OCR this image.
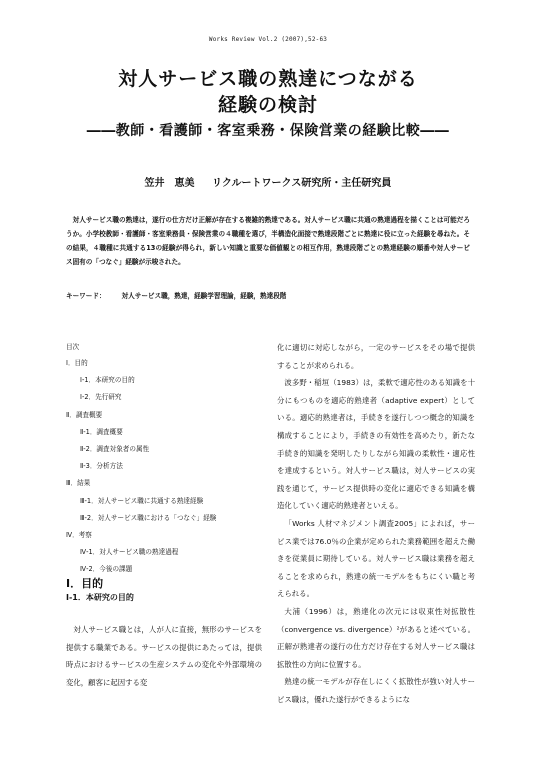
Works Review Vol.2 (2007),52-63
対人サービス職の熟達につながる
経験の検討
――教師・看護師・客室乗務・保険営業の経験比較――
笠井　恵美 リクルートワークス研究所・主任研究員
対人サービス職の熟達は，遂行の仕方だけ正解が存在する複雑的熟達である。対人サービス職に共通の熟達過程を描くことは可能だろうか。小学校教師・看護師・客室乗務員・保険営業の４職種を選び，半構造化面接で熟達段階ごとに熟達に役に立った経験を尋ねた。その結果，４職種に共通する13の経験が得られ，新しい知識と重要な価値観との相互作用，熟達段階ごとの熟達経験の順番や対人サービス固有の「つなぐ」経験が示唆された。
キーワード： 対人サービス職，熟達，経験学習理論，経験，熟達段階
目次
Ⅰ．目的
Ⅰ-1．本研究の目的
Ⅰ-2．先行研究
Ⅱ．調査概要
Ⅱ-1．調査概要
Ⅱ-2．調査対象者の属性
Ⅱ-3．分析方法
Ⅲ．結果
Ⅲ-1．対人サービス職に共通する熟達経験
Ⅲ-2．対人サービス職における「つなぐ」経験
Ⅳ．考察
Ⅳ-1．対人サービス職の熟達過程
Ⅳ-2．今後の課題
Ⅰ．目的
Ⅰ-1．本研究の目的
対人サービス職とは，人が人に直接，無形のサービスを提供する職業である。サービスの提供にあたっては，提供時点におけるサービスの生産システムの変化や外部環境の変化，顧客に起因する変

化に適切に対応しながら，一定のサービスをその場で提供することが求められる。

波多野・稲垣（1983）は，柔軟で適応性のある知識を十分にもつものを適応的熟達者（adaptive expert）としている。適応的熟達者は，手続きを遂行しつつ概念的知識を構成することにより，手続きの有効性を高めたり，新たな手続き的知識を発明したりしながら知識の柔軟性・適応性を達成するという。対人サービス職は，対人サービスの実践を通じて，サービス提供時の変化に適応できる知識を構造化していく適応的熟達者といえる。

「Works 人材マネジメント調査2005」によれば，サービス業では76.0％の企業が定められた業務範囲を超えた働きを従業員に期待している。対人サービス職は業務を超えることを求められ，熟達の統一モデルをもちにくい職と考えられる。

大浦（1996）は，熟達化の次元には収束性対拡散性（convergence vs. divergence）²があると述べている。正解が熟達者の遂行の仕方だけ存在する対人サービス職は拡散性の方向に位置する。

熟達の統一モデルが存在しにくく拡散性が強い対人サービス職は，優れた遂行ができるようにな
